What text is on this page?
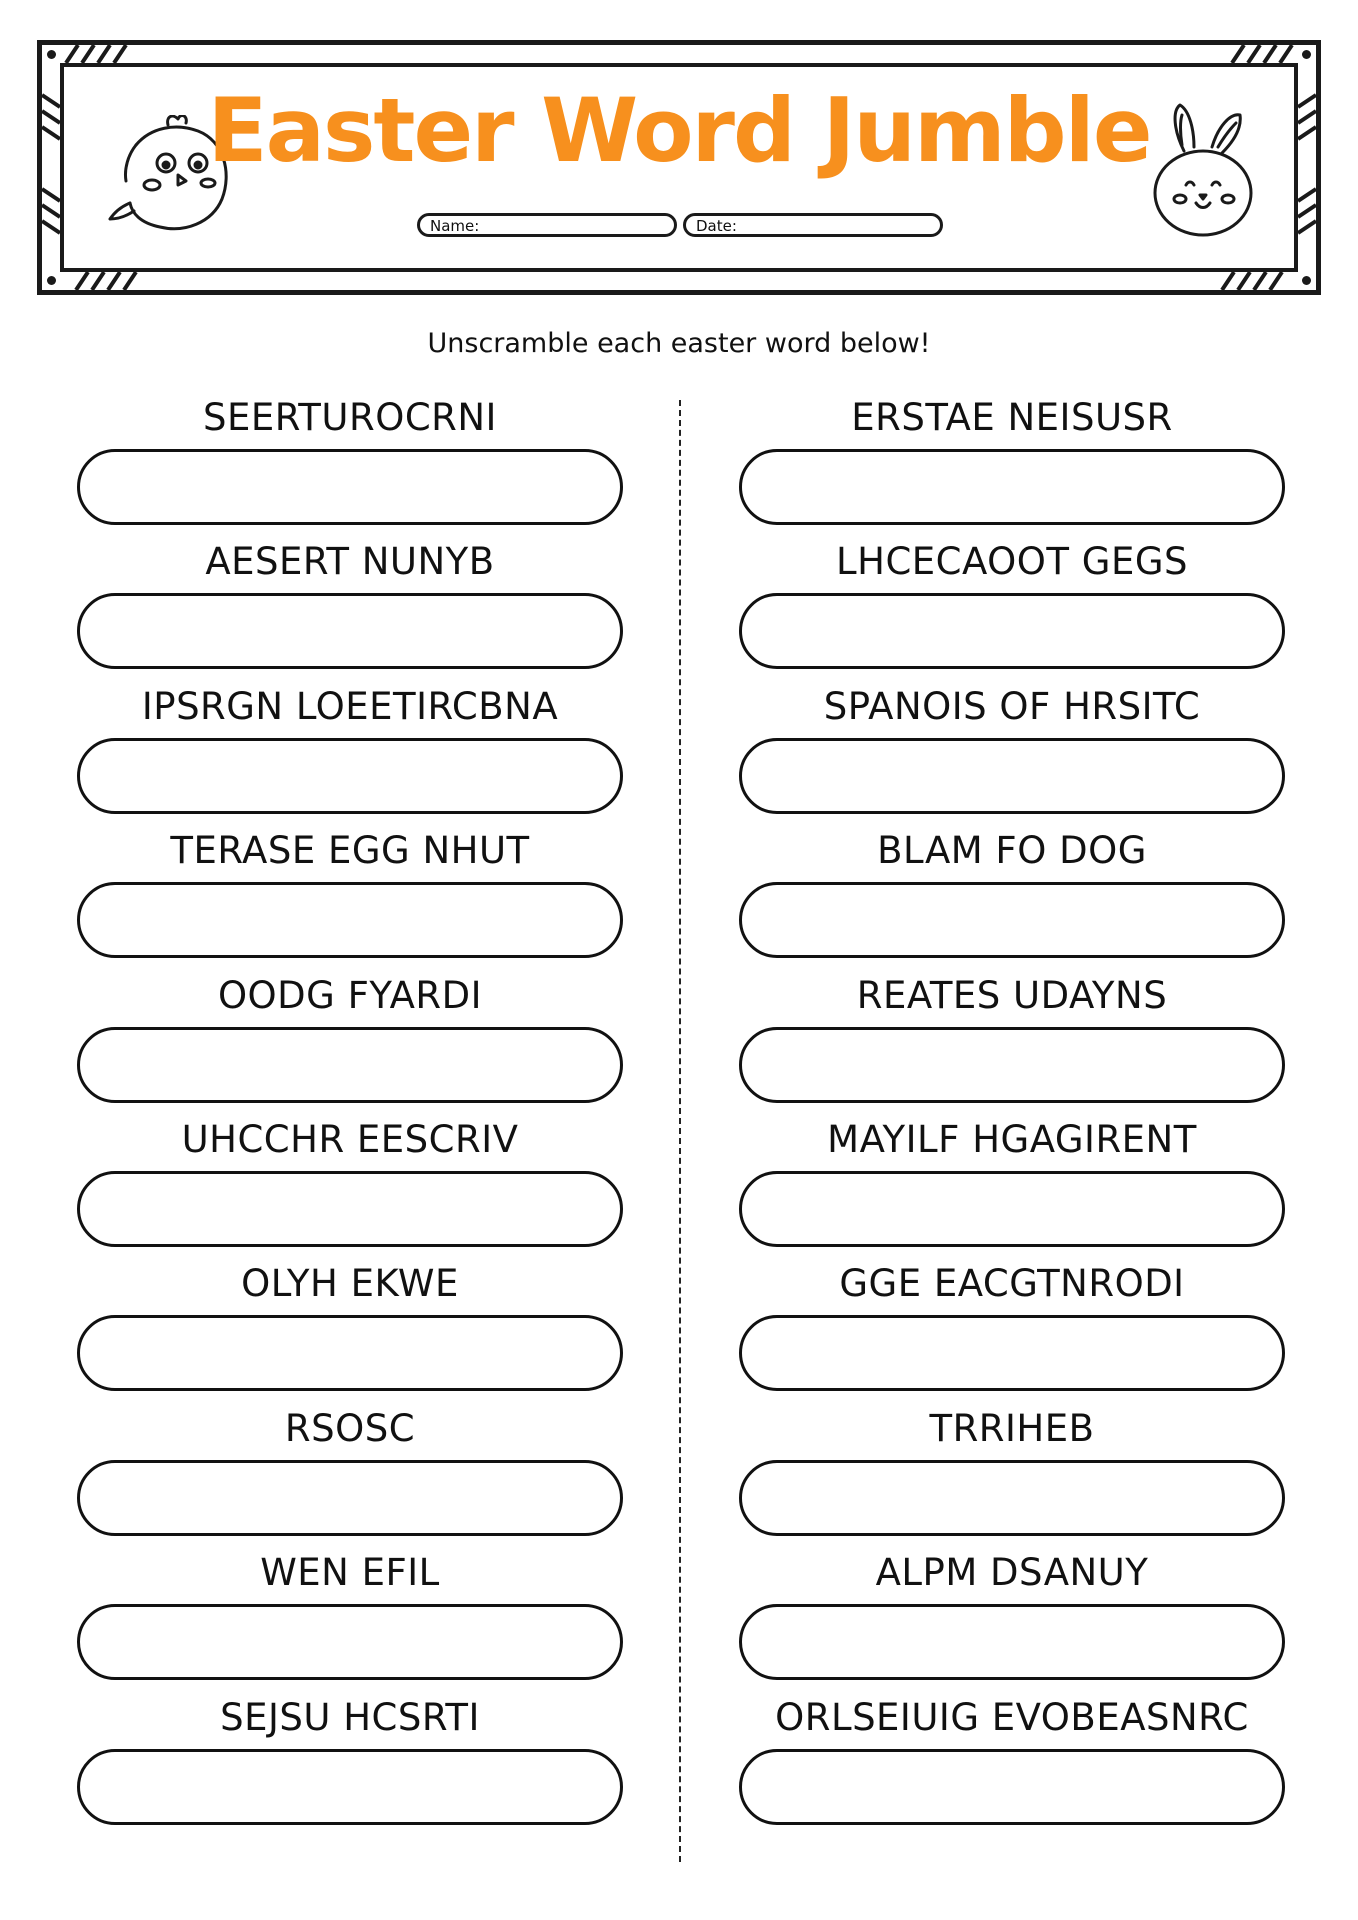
Easter Word Jumble
Name:	Date:
Unscramble each easter word below!
SEERTUROCRNI
AESERT NUNYB
IPSRGN LOEETIRCBNA
TERASE EGG NHUT
OODG FYARDI
UHCCHR EESCRIV
OLYH EKWE
RSOSC
WEN EFIL
SEJSU HCSRTI
ERSTAE NEISUSR
LHCECAOOT GEGS
SPANOIS OF HRSITC
BLAM FO DOG
REATES UDAYNS
MAYILF HGAGIRENT
GGE EACGTNRODI
TRRIHEB
ALPM DSANUY
ORLSEIUIG EVOBEASNRC
